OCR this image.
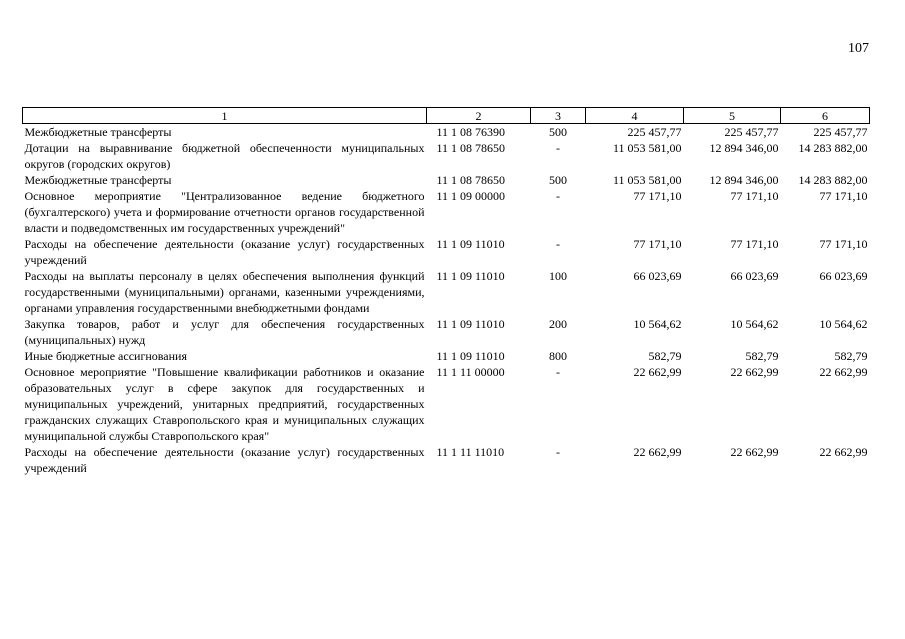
107
1	2	3	4	5	6
Межбюджетные трансферты	11 1 08 76390	500	225 457,77	225 457,77	225 457,77
Дотации на выравнивание бюджетной обеспеченности муниципальных округов (городских округов)	11 1 08 78650	-	11 053 581,00	12 894 346,00	14 283 882,00
Межбюджетные трансферты	11 1 08 78650	500	11 053 581,00	12 894 346,00	14 283 882,00
Основное мероприятие "Централизованное ведение бюджетного (бухгалтерского) учета и формирование отчетности органов государственной власти и подведомственных им государственных учреждений"	11 1 09 00000	-	77 171,10	77 171,10	77 171,10
Расходы на обеспечение деятельности (оказание услуг) государственных учреждений	11 1 09 11010	-	77 171,10	77 171,10	77 171,10
Расходы на выплаты персоналу в целях обеспечения выполнения функций государственными (муниципальными) органами, казенными учреждениями, органами управления государственными внебюджетными фондами	11 1 09 11010	100	66 023,69	66 023,69	66 023,69
Закупка товаров, работ и услуг для обеспечения государственных (муниципальных) нужд	11 1 09 11010	200	10 564,62	10 564,62	10 564,62
Иные бюджетные ассигнования	11 1 09 11010	800	582,79	582,79	582,79
Основное мероприятие "Повышение квалификации работников и оказание образовательных услуг в сфере закупок для государственных и муниципальных учреждений, унитарных предприятий, государственных гражданских служащих Ставропольского края и муниципальных служащих муниципальной службы Ставропольского края"	11 1 11 00000	-	22 662,99	22 662,99	22 662,99
Расходы на обеспечение деятельности (оказание услуг) государственных учреждений	11 1 11 11010	-	22 662,99	22 662,99	22 662,99
